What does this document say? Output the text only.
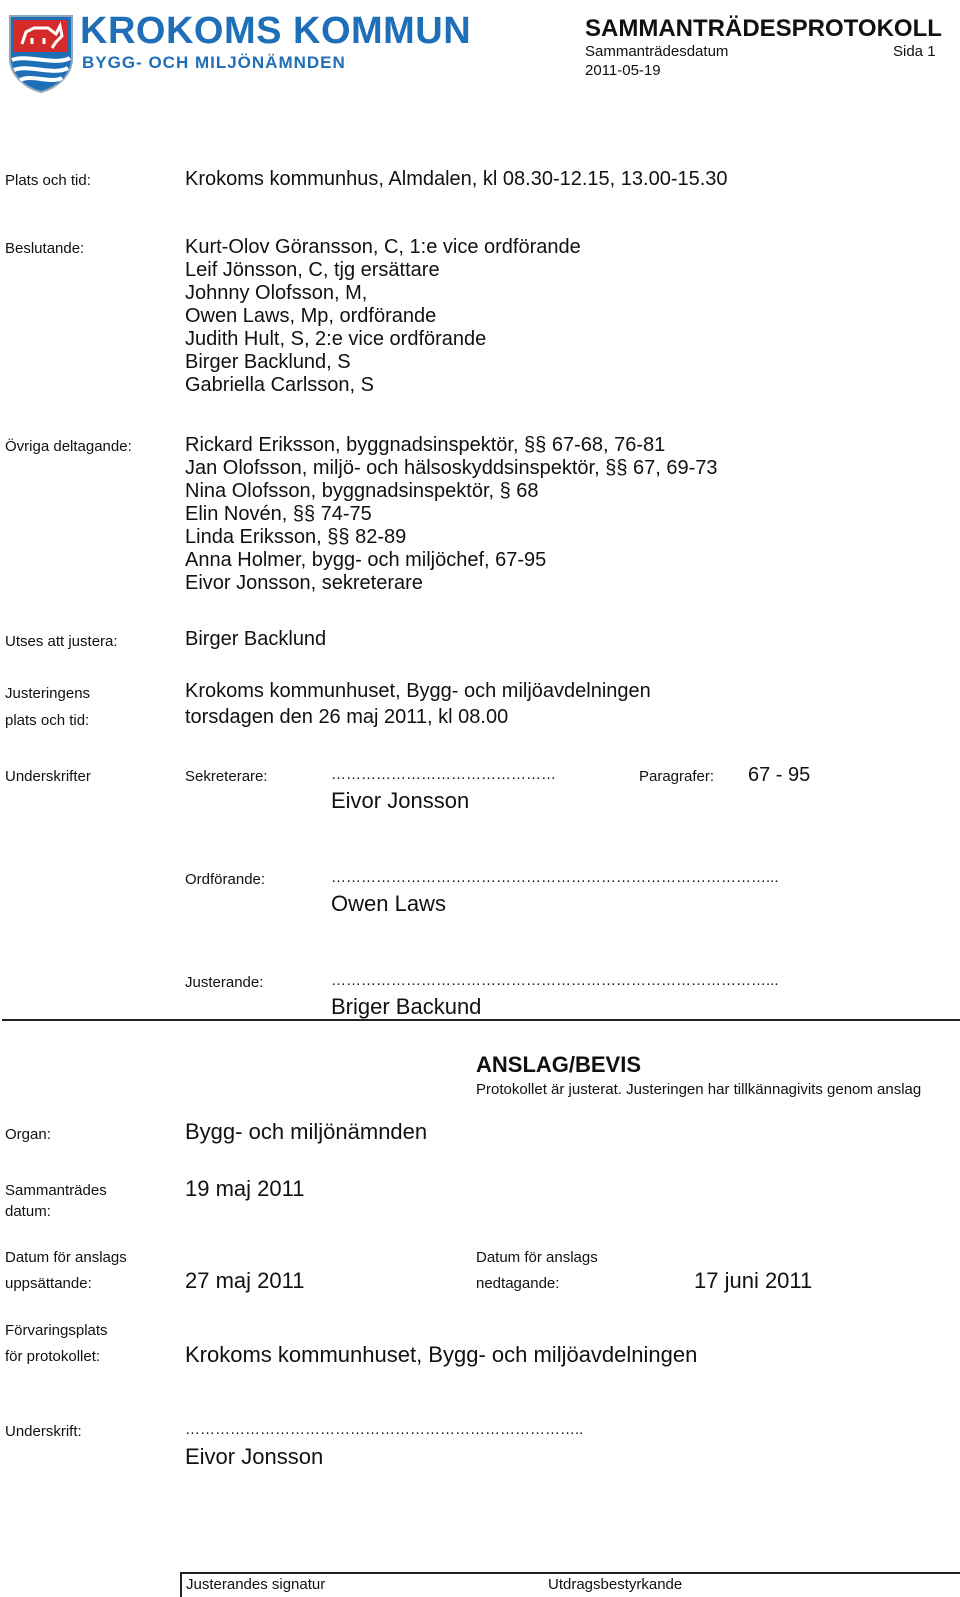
KROKOMS KOMMUN
BYGG- OCH MILJÖNÄMNDEN
SAMMANTRÄDESPROTOKOLL
Sammanträdesdatum	Sida 1
2011-05-19
Plats och tid:	Krokoms kommunhus, Almdalen, kl 08.30-12.15, 13.00-15.30
Beslutande:	Kurt-Olov Göransson, C, 1:e vice ordförande
Leif Jönsson, C, tjg ersättare
Johnny Olofsson, M,
Owen Laws, Mp, ordförande
Judith Hult, S, 2:e vice ordförande
Birger Backlund, S
Gabriella Carlsson, S
Övriga deltagande:	Rickard Eriksson, byggnadsinspektör, §§ 67-68, 76-81
Jan Olofsson, miljö- och hälsoskyddsinspektör, §§ 67, 69-73
Nina Olofsson, byggnadsinspektör, § 68
Elin Novén, §§ 74-75
Linda Eriksson, §§ 82-89
Anna Holmer, bygg- och miljöchef, 67-95
Eivor Jonsson, sekreterare
Utses att justera:	Birger Backlund
Justeringens
plats och tid:
Krokoms kommunhuset, Bygg- och miljöavdelningen
torsdagen den 26 maj 2011, kl 08.00
Underskrifter	Sekreterare:	………………………………………	Paragrafer: 67 - 95
Eivor Jonsson
Ordförande:	……………………………………………………………………………...
Owen Laws
Justerande:	……………………………………………………………………………...
Briger Backund
ANSLAG/BEVIS
Protokollet är justerat. Justeringen har tillkännagivits genom anslag
Organ:	Bygg- och miljönämnden
Sammanträdes
datum:
19 maj 2011
Datum för anslags
uppsättande:	27 maj 2011
Datum för anslags
nedtagande:	17 juni 2011
Förvaringsplats
för protokollet:	Krokoms kommunhuset, Bygg- och miljöavdelningen
Underskrift:	……………………………………………………………………..
Eivor Jonsson
Justerandes signatur	Utdragsbestyrkande
